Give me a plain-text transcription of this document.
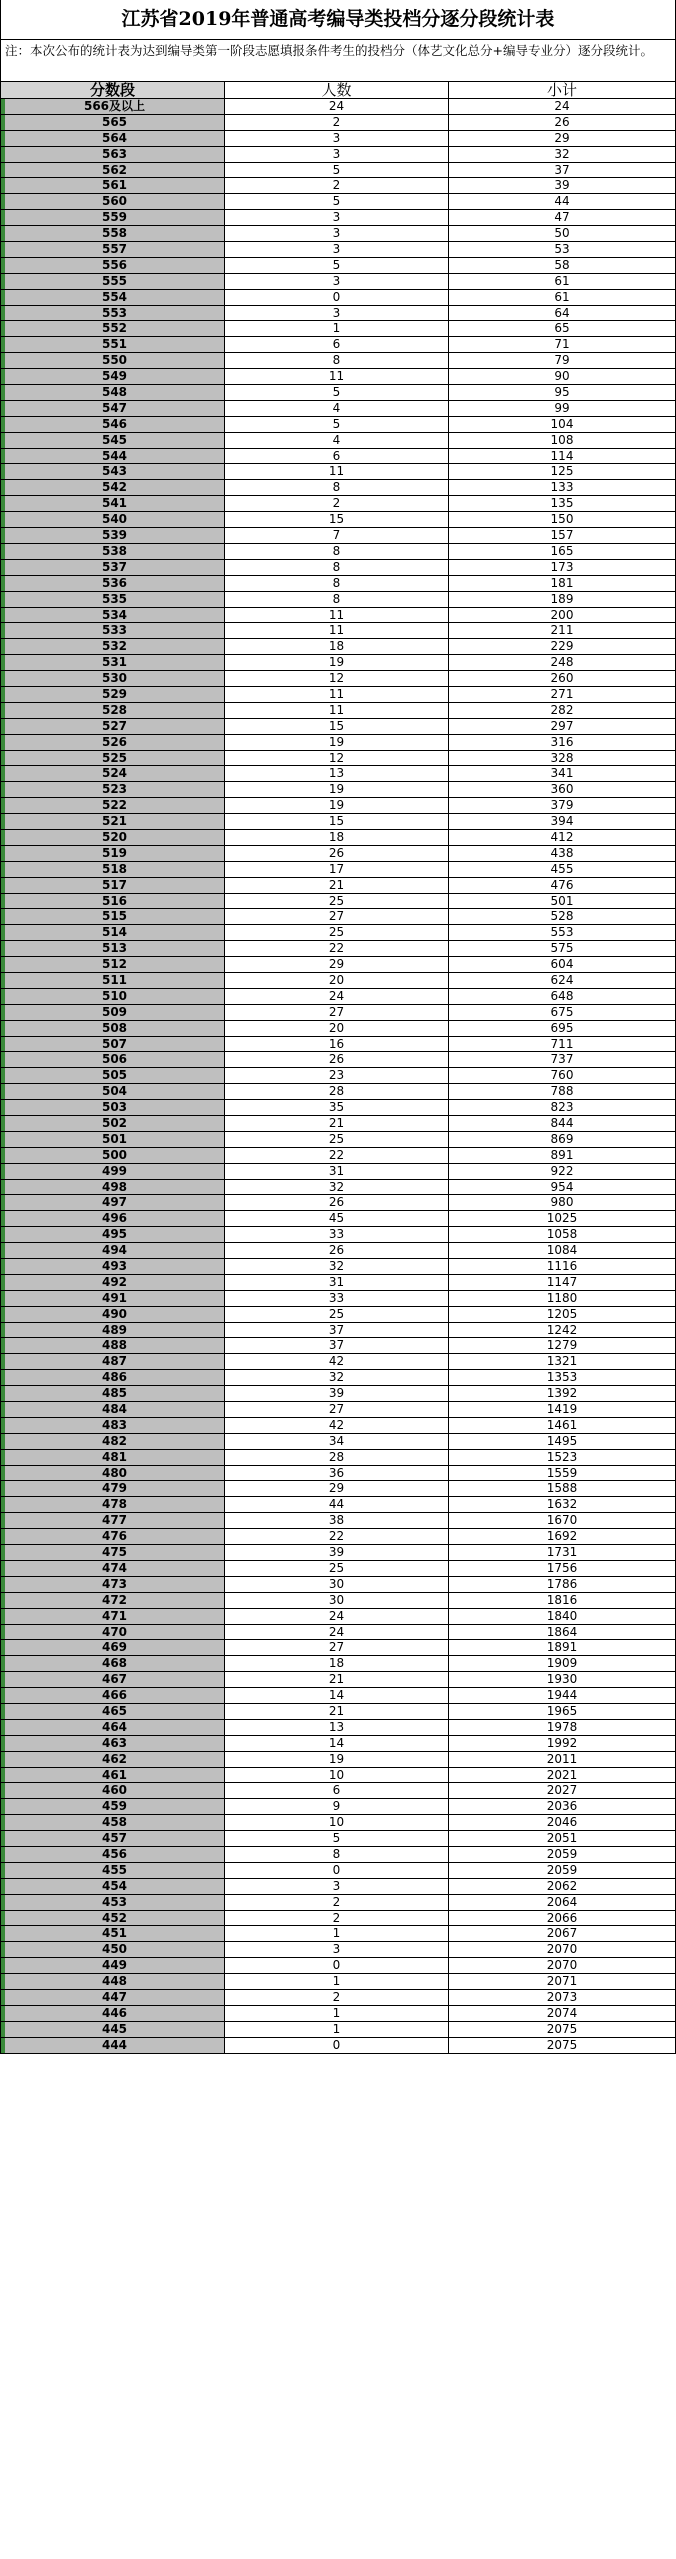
江苏省2019年普通高考编导类投档分逐分段统计表
注：本次公布的统计表为达到编导类第一阶段志愿填报条件考生的投档分（体艺文化总分+编导专业分）逐分段统计。
分数段	人数	小计
566及以上	24	24
565	2	26
564	3	29
563	3	32
562	5	37
561	2	39
560	5	44
559	3	47
558	3	50
557	3	53
556	5	58
555	3	61
554	0	61
553	3	64
552	1	65
551	6	71
550	8	79
549	11	90
548	5	95
547	4	99
546	5	104
545	4	108
544	6	114
543	11	125
542	8	133
541	2	135
540	15	150
539	7	157
538	8	165
537	8	173
536	8	181
535	8	189
534	11	200
533	11	211
532	18	229
531	19	248
530	12	260
529	11	271
528	11	282
527	15	297
526	19	316
525	12	328
524	13	341
523	19	360
522	19	379
521	15	394
520	18	412
519	26	438
518	17	455
517	21	476
516	25	501
515	27	528
514	25	553
513	22	575
512	29	604
511	20	624
510	24	648
509	27	675
508	20	695
507	16	711
506	26	737
505	23	760
504	28	788
503	35	823
502	21	844
501	25	869
500	22	891
499	31	922
498	32	954
497	26	980
496	45	1025
495	33	1058
494	26	1084
493	32	1116
492	31	1147
491	33	1180
490	25	1205
489	37	1242
488	37	1279
487	42	1321
486	32	1353
485	39	1392
484	27	1419
483	42	1461
482	34	1495
481	28	1523
480	36	1559
479	29	1588
478	44	1632
477	38	1670
476	22	1692
475	39	1731
474	25	1756
473	30	1786
472	30	1816
471	24	1840
470	24	1864
469	27	1891
468	18	1909
467	21	1930
466	14	1944
465	21	1965
464	13	1978
463	14	1992
462	19	2011
461	10	2021
460	6	2027
459	9	2036
458	10	2046
457	5	2051
456	8	2059
455	0	2059
454	3	2062
453	2	2064
452	2	2066
451	1	2067
450	3	2070
449	0	2070
448	1	2071
447	2	2073
446	1	2074
445	1	2075
444	0	2075
